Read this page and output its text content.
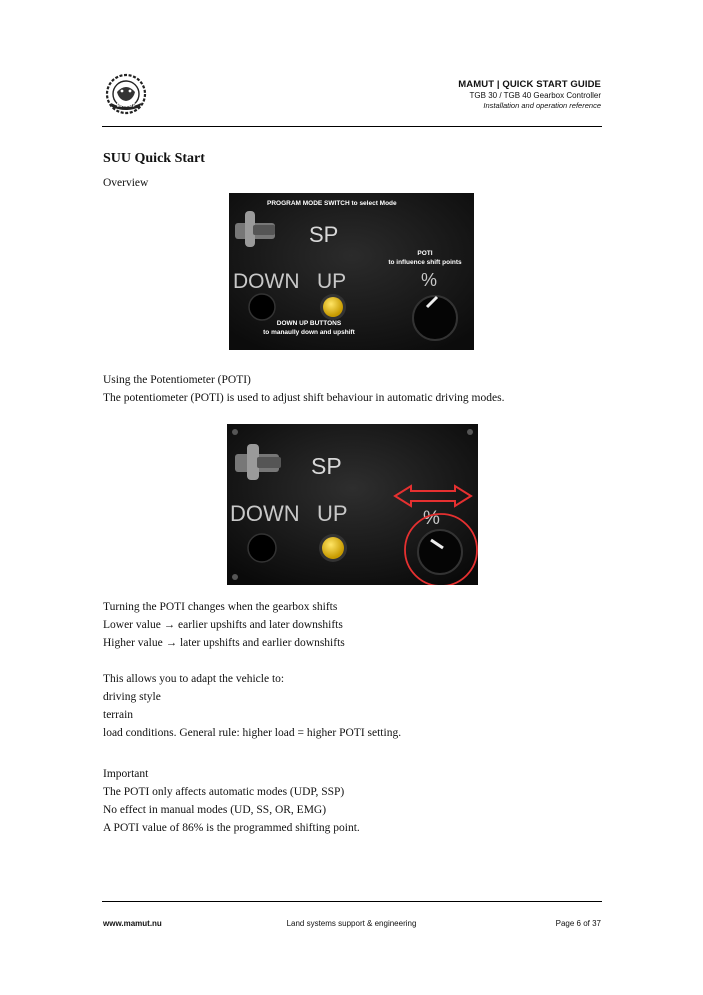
MAMUT
MAMUT | QUICK START GUIDE
TGB 30 / TGB 40 Gearbox Controller
Installation and operation reference
SUU Quick Start
Overview
SP
PROGRAM MODE SWITCH to select Mode
DOWN UP
POTI
to influence shift points
%
DOWN UP BUTTONS
to manaully down and upshift
Using the Potentiometer (POTI)
The potentiometer (POTI) is used to adjust shift behaviour in automatic driving modes.
SP
DOWN UP	%
Turning the POTI changes when the gearbox shifts
Lower value → earlier upshifts and later downshifts
Higher value → later upshifts and earlier downshifts
This allows you to adapt the vehicle to:
driving style
terrain
load conditions. General rule: higher load = higher POTI setting.
Important
The POTI only affects automatic modes (UDP, SSP)
No effect in manual modes (UD, SS, OR, EMG)
A POTI value of 86% is the programmed shifting point.
www.mamut.nu	Land systems support & engineering	Page 6 of 37
